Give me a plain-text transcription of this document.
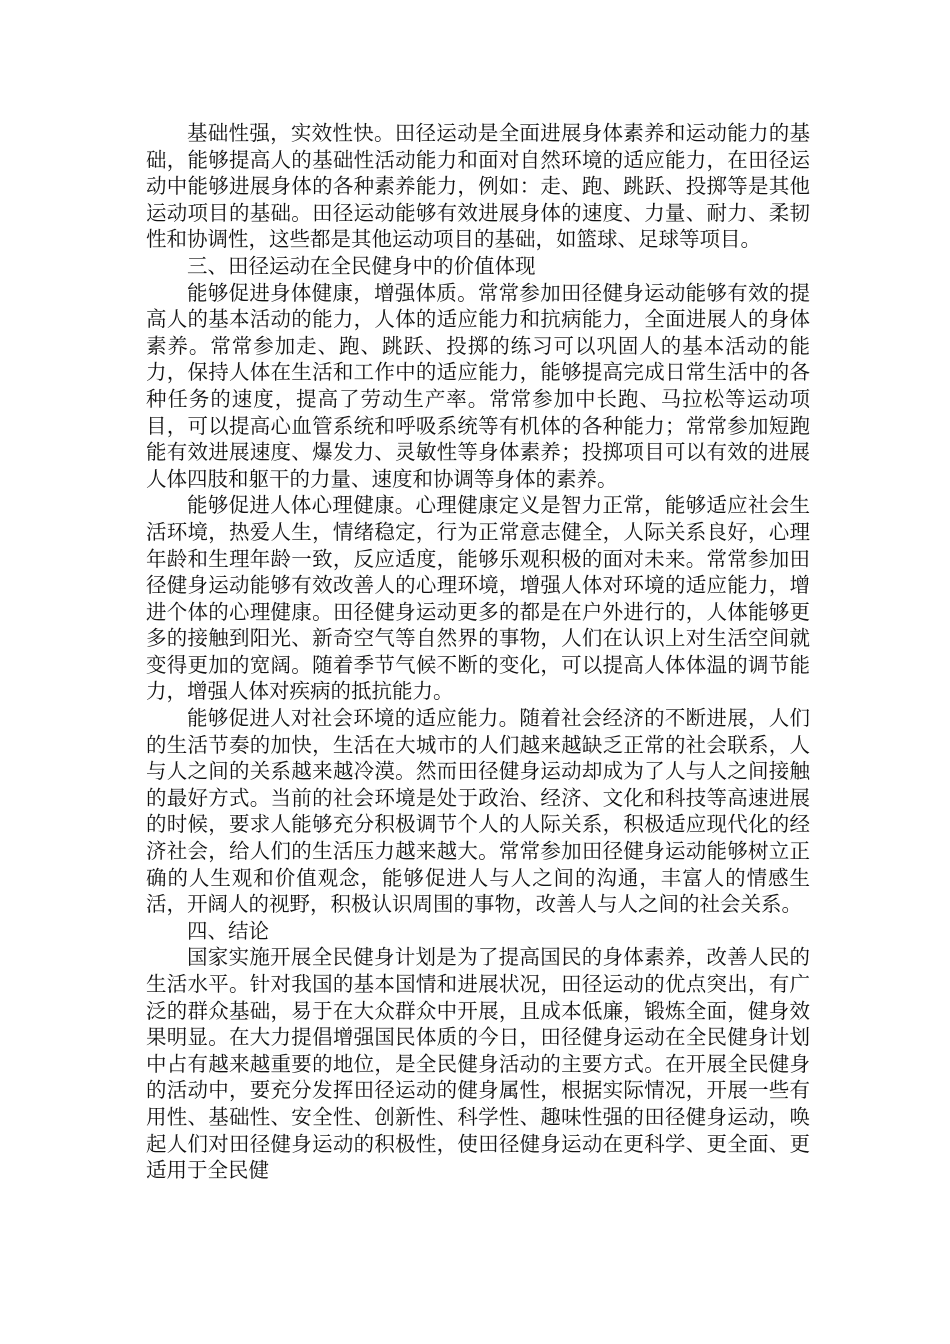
基础性强，实效性快。田径运动是全面进展身体素养和运动能力的基础，能够提高人的基础性活动能力和面对自然环境的适应能力，在田径运动中能够进展身体的各种素养能力，例如：走、跑、跳跃、投掷等是其他运动项目的基础。田径运动能够有效进展身体的速度、力量、耐力、柔韧性和协调性，这些都是其他运动项目的基础，如篮球、足球等项目。

三、田径运动在全民健身中的价值体现

能够促进身体健康，增强体质。常常参加田径健身运动能够有效的提高人的基本活动的能力，人体的适应能力和抗病能力，全面进展人的身体素养。常常参加走、跑、跳跃、投掷的练习可以巩固人的基本活动的能力，保持人体在生活和工作中的适应能力，能够提高完成日常生活中的各种任务的速度，提高了劳动生产率。常常参加中长跑、马拉松等运动项目，可以提高心血管系统和呼吸系统等有机体的各种能力；常常参加短跑能有效进展速度、爆发力、灵敏性等身体素养；投掷项目可以有效的进展人体四肢和躯干的力量、速度和协调等身体的素养。

能够促进人体心理健康。心理健康定义是智力正常，能够适应社会生活环境，热爱人生，情绪稳定，行为正常意志健全，人际关系良好，心理年龄和生理年龄一致，反应适度，能够乐观积极的面对未来。常常参加田径健身运动能够有效改善人的心理环境，增强人体对环境的适应能力，增进个体的心理健康。田径健身运动更多的都是在户外进行的，人体能够更多的接触到阳光、新奇空气等自然界的事物，人们在认识上对生活空间就变得更加的宽阔。随着季节气候不断的变化，可以提高人体体温的调节能力，增强人体对疾病的抵抗能力。

能够促进人对社会环境的适应能力。随着社会经济的不断进展，人们的生活节奏的加快，生活在大城市的人们越来越缺乏正常的社会联系，人与人之间的关系越来越冷漠。然而田径健身运动却成为了人与人之间接触的最好方式。当前的社会环境是处于政治、经济、文化和科技等高速进展的时候，要求人能够充分积极调节个人的人际关系，积极适应现代化的经济社会，给人们的生活压力越来越大。常常参加田径健身运动能够树立正确的人生观和价值观念，能够促进人与人之间的沟通，丰富人的情感生活，开阔人的视野，积极认识周围的事物，改善人与人之间的社会关系。

四、结论

国家实施开展全民健身计划是为了提高国民的身体素养，改善人民的生活水平。针对我国的基本国情和进展状况，田径运动的优点突出，有广泛的群众基础，易于在大众群众中开展，且成本低廉，锻炼全面，健身效果明显。在大力提倡增强国民体质的今日，田径健身运动在全民健身计划中占有越来越重要的地位，是全民健身活动的主要方式。在开展全民健身的活动中，要充分发挥田径运动的健身属性，根据实际情况，开展一些有用性、基础性、安全性、创新性、科学性、趣味性强的田径健身运动，唤起人们对田径健身运动的积极性，使田径健身运动在更科学、更全面、更适用于全民健
